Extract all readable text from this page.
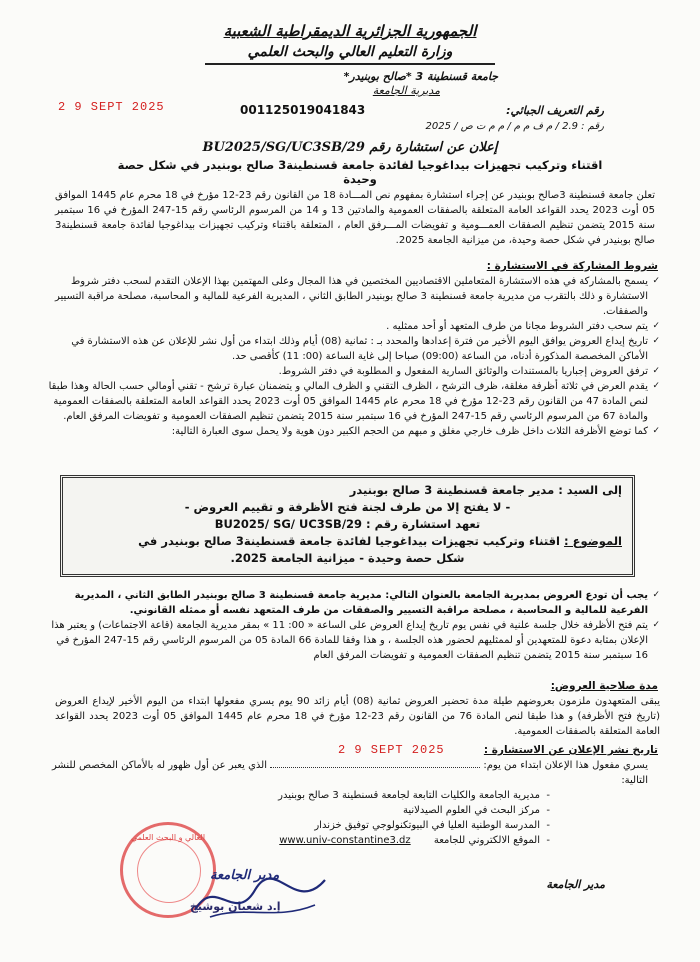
الجمهورية الجزائرية الديمقراطية الشعبية
وزارة التعليم العالي والبحث العلمي
جامعة قسنطينة 3 *صالح بوبنيدر*
مديرية الجامعة
2 9 SEPT 2025	001125019041843	رقم التعريف الجبائي:
رقم : 2.9 / م ف م م / م م ت ص / 2025
BU2025/SG/UC3SB/29 إعلان عن استشارة رقم
اقتناء وتركيب تجهيزات بيداغوجيا لفائدة جامعة قسنطينة3 صالح بوبنيدر في شكل حصة وحيدة
تعلن جامعة قسنطينة 3صالح بوبنيدر عن إجراء استشارة بمفهوم نص المـــادة 18 من القانون رقم 23-12 مؤرخ في 18 محرم عام 1445 الموافق 05 أوت 2023 يحدد القواعد العامة المتعلقة بالصفقات العمومية والمادتين 13 و 14 من المرسوم الرئاسي رقم 15-247 المؤرخ في 16 سبتمبر سنة 2015 يتضمن تنظيم الصفقات العمـــومية و تفويضات المـــرفق العام ، المتعلقة باقتناء وتركيب تجهيزات بيداغوجيا لفائدة جامعة قسنطينة3 صالح بوبنيدر في شكل حصة وحيدة، من ميزانية الجامعة 2025.
شروط المشاركة في الاستشارة :
✓ يسمح بالمشاركة في هذه الاستشارة المتعاملين الاقتصاديين المختصين في هذا المجال وعلى المهتمين بهذا الإعلان التقدم لسحب دفتر شروط الاستشارة و ذلك بالتقرب من مديرية جامعة قسنطينة 3 صالح بوبنيدر الطابق الثاني ، المديرية الفرعية للمالية و المحاسبة، مصلحة مراقبة التسيير والصفقات.
✓ يتم سحب دفتر الشروط مجانا من طرف المتعهد أو أحد ممثليه .
✓ تاريخ إيداع العروض يوافق اليوم الأخير من فترة إعدادها والمحدد بـ : ثمانية (08) أيام وذلك ابتداء من أول نشر للإعلان عن هذه الاستشارة في الأماكن المخصصة المذكورة أدناه، من الساعة (09:00) صباحا إلى غاية الساعة (00: 11) كأقصى حد.
✓ ترفق العروض إجباريا بالمستندات والوثائق السارية المفعول و المطلوبة في دفتر الشروط.
✓ يقدم العرض في ثلاثة أظرفة مغلقة، ظرف الترشح ، الظرف التقني و الظرف المالي و يتضمنان عبارة ترشح - تقني أومالي حسب الحالة وهذا طبقا لنص المادة 47 من القانون رقم 23-12 مؤرخ في 18 محرم عام 1445 الموافق 05 أوت 2023 يحدد القواعد العامة المتعلقة بالصفقات العمومية والمادة 67 من المرسوم الرئاسي رقم 15-247 المؤرخ في 16 سبتمبر سنة 2015 يتضمن تنظيم الصفقات العمومية و تفويضات المرفق العام.
✓ كما توضع الأظرفة الثلاث داخل ظرف خارجي مغلق و مبهم من الحجم الكبير دون هوية ولا يحمل سوى العبارة التالية:
إلى السيد : مدير جامعة قسنطينة 3 صالح بوبنيدر
- لا يفتح إلا من طرف لجنة فتح الأظرفة و تقييم العروض -
تعهد استشارة رقم : BU2025/ SG/ UC3SB/29
الموضوع : اقتناء وتركيب تجهيزات بيداغوجيا لفائدة جامعة قسنطينة3 صالح بوبنيدر في
شكل حصة وحيدة - ميزانية الجامعة 2025.
✓ يجب أن تودع العروض بمديرية الجامعة بالعنوان التالي: مديرية جامعة قسنطينة 3 صالح بوبنيدر الطابق الثاني ، المديرية الفرعية للمالية و المحاسبة ، مصلحة مراقبة التسيير والصفقات من طرف المتعهد نفسه أو ممثله القانوني.
✓ يتم فتح الأظرفة خلال جلسة علنية في نفس يوم تاريخ إيداع العروض على الساعة « 00: 11 » بمقر مديرية الجامعة (قاعة الاجتماعات) و يعتبر هذا الإعلان بمثابة دعوة للمتعهدين أو لممثليهم لحضور هذه الجلسة ، و هذا وفقا للمادة 66 المادة 05 من المرسوم الرئاسي رقم 15-247 المؤرخ في 16 سبتمبر سنة 2015 يتضمن تنظيم الصفقات العمومية و تفويضات المرفق العام
مدة صلاحية العروض:
يبقى المتعهدون ملزمون بعروضهم طيلة مدة تحضير العروض ثمانية (08) أيام زائد 90 يوم يسري مفعولها ابتداء من اليوم الأخير لإيداع العروض (تاريخ فتح الأظرفة) و هذا طبقا لنص المادة 76 من القانون رقم 23-12 مؤرخ في 18 محرم عام 1445 الموافق 05 أوت 2023 يحدد القواعد العامة المتعلقة بالصفقات العمومية.
2 9 SEPT 2025	تاريخ نشر الإعلان عن الاستشارة :
يسري مفعول هذا الإعلان ابتداء من يوم:  الذي يعبر عن أول ظهور له بالأماكن المخصص للنشر التالية:
- مديرية الجامعة والكليات التابعة لجامعة قسنطينة 3 صالح بوبنيدر
- مركز البحث في العلوم الصيدلانية
- المدرسة الوطنية العليا في البيوتكنولوجي توفيق خزندار
- الموقع الالكتروني للجامعة www.univ-constantine3.dz
مدير الجامعة
العالي و البحث العلمي
مدير الجامعة
إ.د شعبان بوشيخ
